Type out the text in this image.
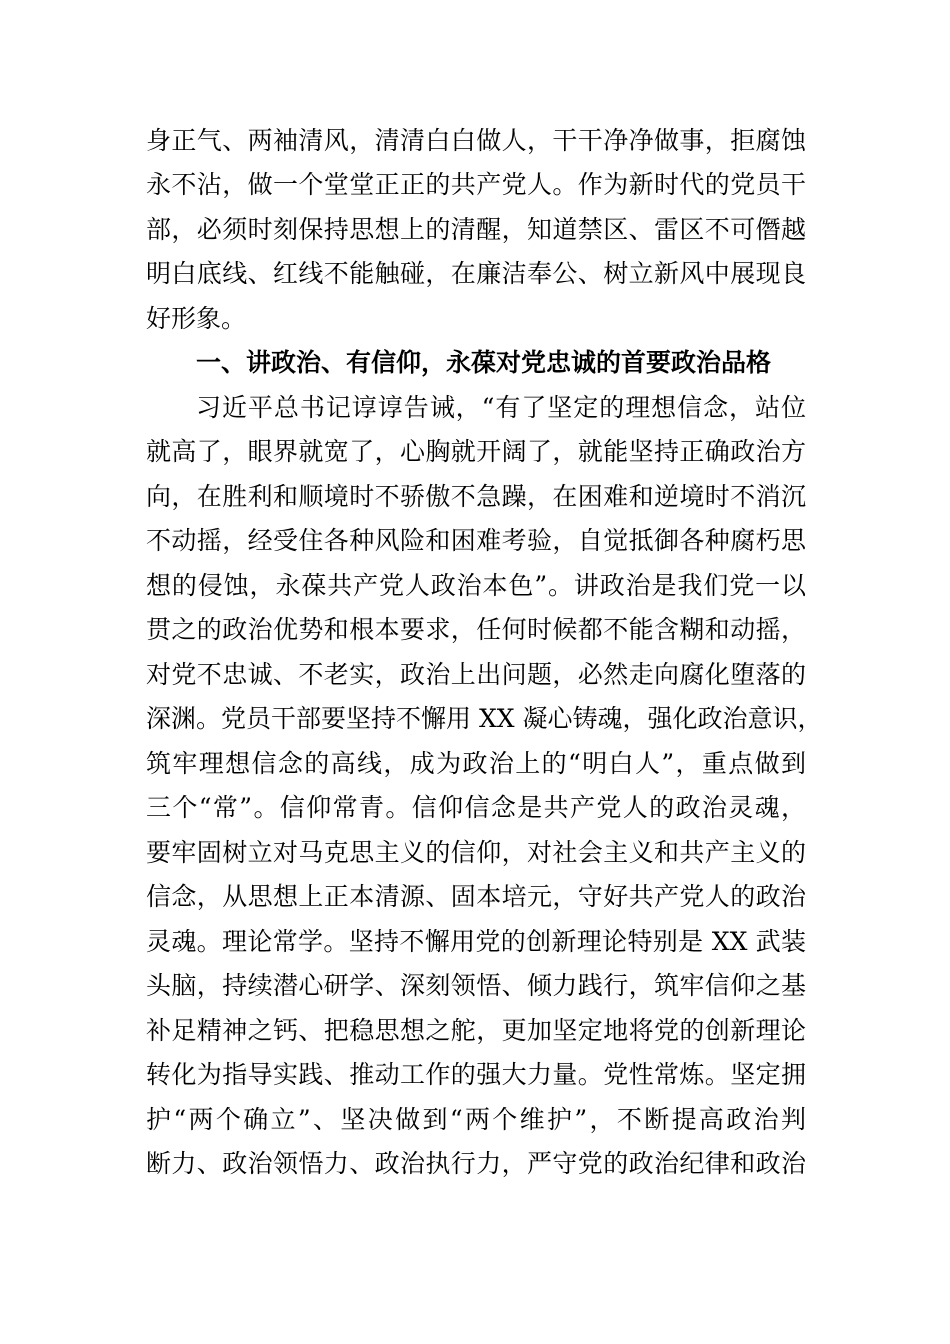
身正气、两袖清风，清清白白做人，干干净净做事，拒腐蚀
永不沾，做一个堂堂正正的共产党人。作为新时代的党员干
部，必须时刻保持思想上的清醒，知道禁区、雷区不可僭越
明白底线、红线不能触碰，在廉洁奉公、树立新风中展现良
好形象。
一、讲政治、有信仰，永葆对党忠诚的首要政治品格
习近平总书记谆谆告诫，“有了坚定的理想信念，站位
就高了，眼界就宽了，心胸就开阔了，就能坚持正确政治方
向，在胜利和顺境时不骄傲不急躁，在困难和逆境时不消沉
不动摇，经受住各种风险和困难考验，自觉抵御各种腐朽思
想的侵蚀，永葆共产党人政治本色”。讲政治是我们党一以
贯之的政治优势和根本要求，任何时候都不能含糊和动摇，
对党不忠诚、不老实，政治上出问题，必然走向腐化堕落的
深渊。党员干部要坚持不懈用 XX 凝心铸魂，强化政治意识，
筑牢理想信念的高线，成为政治上的“明白人”，重点做到
三个“常”。信仰常青。信仰信念是共产党人的政治灵魂，
要牢固树立对马克思主义的信仰，对社会主义和共产主义的
信念，从思想上正本清源、固本培元，守好共产党人的政治
灵魂。理论常学。坚持不懈用党的创新理论特别是 XX 武装
头脑，持续潜心研学、深刻领悟、倾力践行，筑牢信仰之基
补足精神之钙、把稳思想之舵，更加坚定地将党的创新理论
转化为指导实践、推动工作的强大力量。党性常炼。坚定拥
护“两个确立”、坚决做到“两个维护”，不断提高政治判
断力、政治领悟力、政治执行力，严守党的政治纪律和政治
